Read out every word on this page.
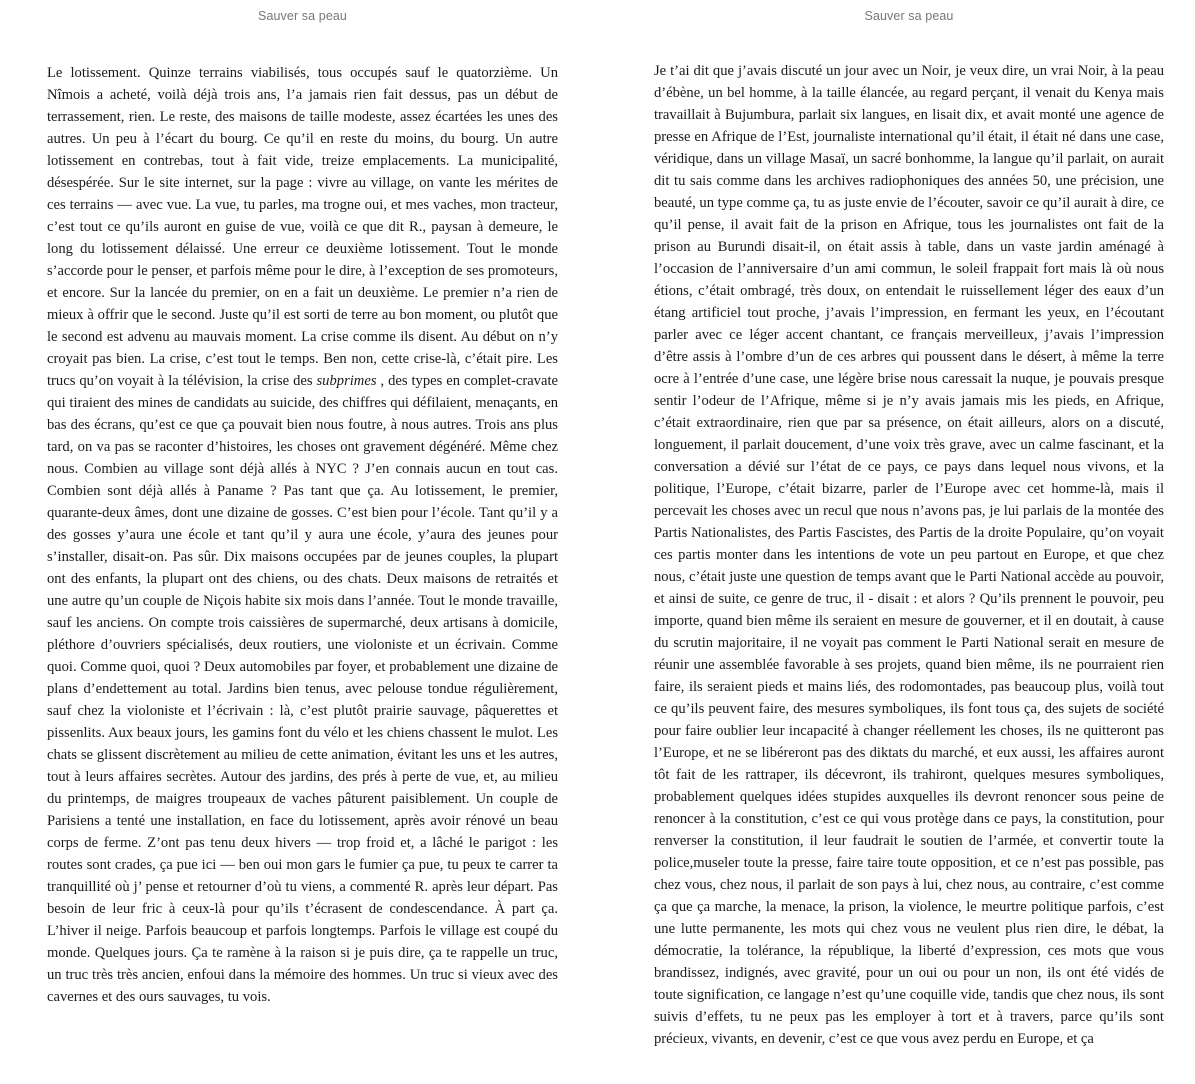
Sauver sa peau

Le lotissement. Quinze terrains viabilisés, tous occupés sauf le quatorzième. Un Nîmois a acheté, voilà déjà trois ans, l’a jamais rien fait dessus, pas un début de terrassement, rien. Le reste, des maisons de taille modeste, assez écartées les unes des autres. Un peu à l’écart du bourg. Ce qu’il en reste du moins, du bourg. Un autre lotissement en contrebas, tout à fait vide, treize emplacements. La municipalité, désespérée. Sur le site internet, sur la page : vivre au village, on vante les mérites de ces terrains — avec vue. La vue, tu parles, ma trogne oui, et mes vaches, mon tracteur, c’est tout ce qu’ils auront en guise de vue, voilà ce que dit R., paysan à demeure, le long du lotissement délaissé. Une erreur ce deuxième lotissement. Tout le monde s’accorde pour le penser, et parfois même pour le dire, à l’exception de ses promoteurs, et encore. Sur la lancée du premier, on en a fait un deuxième. Le premier n’a rien de mieux à offrir que le second. Juste qu’il est sorti de terre au bon moment, ou plutôt que le second est advenu au mauvais moment. La crise comme ils disent. Au début on n’y croyait pas bien. La crise, c’est tout le temps. Ben non, cette crise-là, c’était pire. Les trucs qu’on voyait à la télévision, la crise des subprimes , des types en complet-cravate qui tiraient des mines de candidats au suicide, des chiffres qui défilaient, menaçants, en bas des écrans, qu’est ce que ça pouvait bien nous foutre, à nous autres. Trois ans plus tard, on va pas se raconter d’histoires, les choses ont gravement dégénéré. Même chez nous. Combien au village sont déjà allés à NYC ? J’en connais aucun en tout cas. Combien sont déjà allés à Paname ? Pas tant que ça. Au lotissement, le premier, quarante-deux âmes, dont une dizaine de gosses. C’est bien pour l’école. Tant qu’il y a des gosses y’aura une école et tant qu’il y aura une école, y’aura des jeunes pour s’installer, disait-on. Pas sûr. Dix maisons occupées par de jeunes couples, la plupart ont des enfants, la plupart ont des chiens, ou des chats. Deux maisons de retraités et une autre qu’un couple de Niçois habite six mois dans l’année. Tout le monde travaille, sauf les anciens. On compte trois caissières de supermarché, deux artisans à domicile, pléthore d’ouvriers spécialisés, deux routiers, une violoniste et un écrivain. Comme quoi. Comme quoi, quoi ? Deux automobiles par foyer, et probablement une dizaine de plans d’endettement au total. Jardins bien tenus, avec pelouse tondue régulièrement, sauf chez la violoniste et l’écrivain : là, c’est plutôt prairie sauvage, pâquerettes et pissenlits. Aux beaux jours, les gamins font du vélo et les chiens chassent le mulot. Les chats se glissent discrètement au milieu de cette animation, évitant les uns et les autres, tout à leurs affaires secrètes. Autour des jardins, des prés à perte de vue, et, au milieu du printemps, de maigres troupeaux de vaches pâturent paisiblement. Un couple de Parisiens a tenté une installation, en face du lotissement, après avoir rénové un beau corps de ferme. Z’ont pas tenu deux hivers — trop froid et, a lâché le parigot : les routes sont crades, ça pue ici — ben oui mon gars le fumier ça pue, tu peux te carrer ta tranquillité où j’ pense et retourner d’où tu viens, a commenté R. après leur départ. Pas besoin de leur fric à ceux-là pour qu’ils t’écrasent de condescendance. À part ça. L’hiver il neige. Parfois beaucoup et parfois longtemps. Parfois le village est coupé du monde. Quelques jours. Ça te ramène à la raison si je puis dire, ça te rappelle un truc, un truc très très ancien, enfoui dans la mémoire des hommes. Un truc si vieux avec des cavernes et des ours sauvages, tu vois.

Sauver sa peau

Je t’ai dit que j’avais discuté un jour avec un Noir, je veux dire, un vrai Noir, à la peau d’ébène, un bel homme, à la taille élancée, au regard perçant, il venait du Kenya mais travaillait à Bujumbura, parlait six langues, en lisait dix, et avait monté une agence de presse en Afrique de l’Est, journaliste international qu’il était, il était né dans une case, véridique, dans un village Masaï, un sacré bonhomme, la langue qu’il parlait, on aurait dit tu sais comme dans les archives radiophoniques des années 50, une précision, une beauté, un type comme ça, tu as juste envie de l’écouter, savoir ce qu’il aurait à dire, ce qu’il pense, il avait fait de la prison en Afrique, tous les journalistes ont fait de la prison au Burundi disait-il, on était assis à table, dans un vaste jardin aménagé à l’occasion de l’anniversaire d’un ami commun, le soleil frappait fort mais là où nous étions, c’était ombragé, très doux, on entendait le ruissellement léger des eaux d’un étang artificiel tout proche, j’avais l’impression, en fermant les yeux, en l’écoutant parler avec ce léger accent chantant, ce français merveilleux, j’avais l’impression d’être assis à l’ombre d’un de ces arbres qui poussent dans le désert, à même la terre ocre à l’entrée d’une case, une légère brise nous caressait la nuque, je pouvais presque sentir l’odeur de l’Afrique, même si je n’y avais jamais mis les pieds, en Afrique, c’était extraordinaire, rien que par sa présence, on était ailleurs, alors on a discuté, longuement, il parlait doucement, d’une voix très grave, avec un calme fascinant, et la conversation a dévié sur l’état de ce pays, ce pays dans lequel nous vivons, et la politique, l’Europe, c’était bizarre, parler de l’Europe avec cet homme-là, mais il percevait les choses avec un recul que nous n’avons pas, je lui parlais de la montée des Partis Nationalistes, des Partis Fascistes, des Partis de la droite Populaire, qu’on voyait ces partis monter dans les intentions de vote un peu partout en Europe, et que chez nous, c’était juste une question de temps avant que le Parti National accède au pouvoir, et ainsi de suite, ce genre de truc, il - disait : et alors ? Qu’ils prennent le pouvoir, peu importe, quand bien même ils seraient en mesure de gouverner, et il en doutait, à cause du scrutin majoritaire, il ne voyait pas comment le Parti National serait en mesure de réunir une assemblée favorable à ses projets, quand bien même, ils ne pourraient rien faire, ils seraient pieds et mains liés, des rodomontades, pas beaucoup plus, voilà tout ce qu’ils peuvent faire, des mesures symboliques, ils font tous ça, des sujets de société pour faire oublier leur incapacité à changer réellement les choses, ils ne quitteront pas l’Europe, et ne se libéreront pas des diktats du marché, et eux aussi, les affaires auront tôt fait de les rattraper, ils décevront, ils trahiront, quelques mesures symboliques, probablement quelques idées stupides auxquelles ils devront renoncer sous peine de renoncer à la constitution, c’est ce qui vous protège dans ce pays, la constitution, pour renverser la constitution, il leur faudrait le soutien de l’armée, et convertir toute la police,museler toute la presse, faire taire toute opposition, et ce n’est pas possible, pas chez vous, chez nous, il parlait de son pays à lui, chez nous, au contraire, c’est comme ça que ça marche, la menace, la prison, la violence, le meurtre politique parfois, c’est une lutte permanente, les mots qui chez vous ne veulent plus rien dire, le débat, la démocratie, la tolérance, la république, la liberté d’expression, ces mots que vous brandissez, indignés, avec gravité, pour un oui ou pour un non, ils ont été vidés de toute signification, ce langage n’est qu’une coquille vide, tandis que chez nous, ils sont suivis d’effets, tu ne peux pas les employer à tort et à travers, parce qu’ils sont précieux, vivants, en devenir, c’est ce que vous avez perdu en Europe, et ça
